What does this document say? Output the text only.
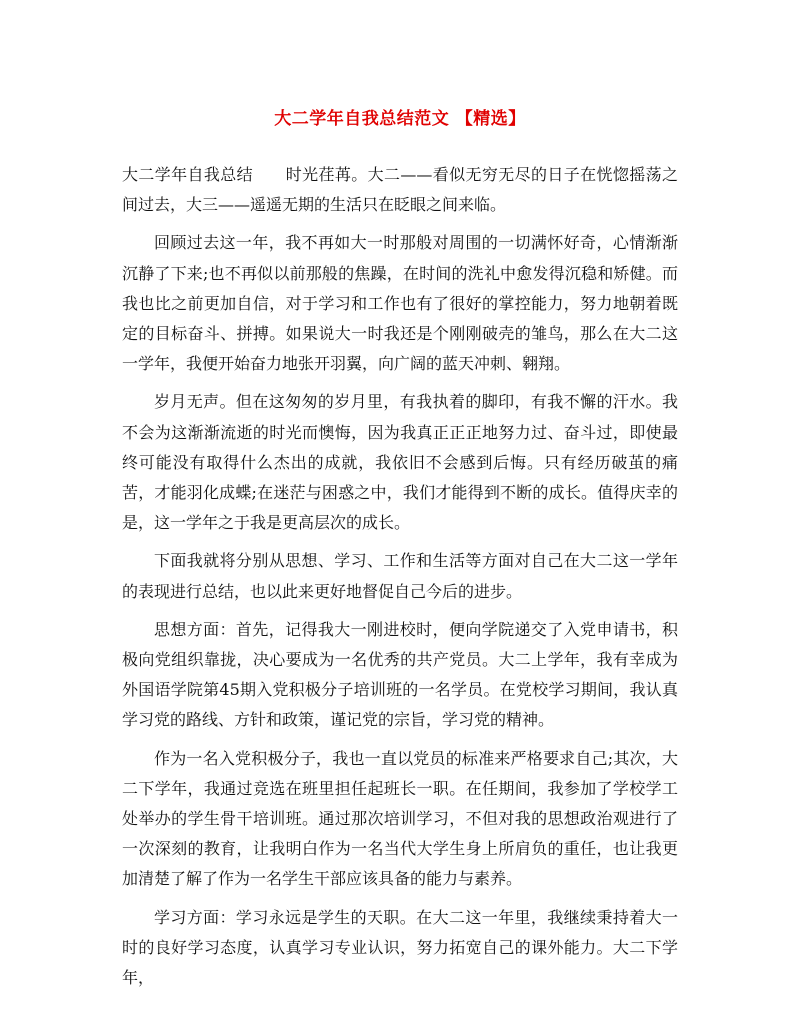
大二学年自我总结范文 【精选】

大二学年自我总结　　时光荏苒。大二——看似无穷无尽的日子在恍惚摇荡之间过去，大三——遥遥无期的生活只在眨眼之间来临。

回顾过去这一年，我不再如大一时那般对周围的一切满怀好奇，心情渐渐沉静了下来;也不再似以前那般的焦躁，在时间的洗礼中愈发得沉稳和矫健。而我也比之前更加自信，对于学习和工作也有了很好的掌控能力，努力地朝着既定的目标奋斗、拼搏。如果说大一时我还是个刚刚破壳的雏鸟，那么在大二这一学年，我便开始奋力地张开羽翼，向广阔的蓝天冲刺、翱翔。

岁月无声。但在这匆匆的岁月里，有我执着的脚印，有我不懈的汗水。我不会为这渐渐流逝的时光而懊悔，因为我真正正正地努力过、奋斗过，即使最终可能没有取得什么杰出的成就，我依旧不会感到后悔。只有经历破茧的痛苦，才能羽化成蝶;在迷茫与困惑之中，我们才能得到不断的成长。值得庆幸的是，这一学年之于我是更高层次的成长。

下面我就将分别从思想、学习、工作和生活等方面对自己在大二这一学年的表现进行总结，也以此来更好地督促自己今后的进步。

思想方面：首先，记得我大一刚进校时，便向学院递交了入党申请书，积极向党组织靠拢，决心要成为一名优秀的共产党员。大二上学年，我有幸成为外国语学院第45期入党积极分子培训班的一名学员。在党校学习期间，我认真学习党的路线、方针和政策，谨记党的宗旨，学习党的精神。

作为一名入党积极分子，我也一直以党员的标准来严格要求自己;其次，大二下学年，我通过竞选在班里担任起班长一职。在任期间，我参加了学校学工处举办的学生骨干培训班。通过那次培训学习，不但对我的思想政治观进行了一次深刻的教育，让我明白作为一名当代大学生身上所肩负的重任，也让我更加清楚了解了作为一名学生干部应该具备的能力与素养。

学习方面：学习永远是学生的天职。在大二这一年里，我继续秉持着大一时的良好学习态度，认真学习专业认识，努力拓宽自己的课外能力。大二下学年，
